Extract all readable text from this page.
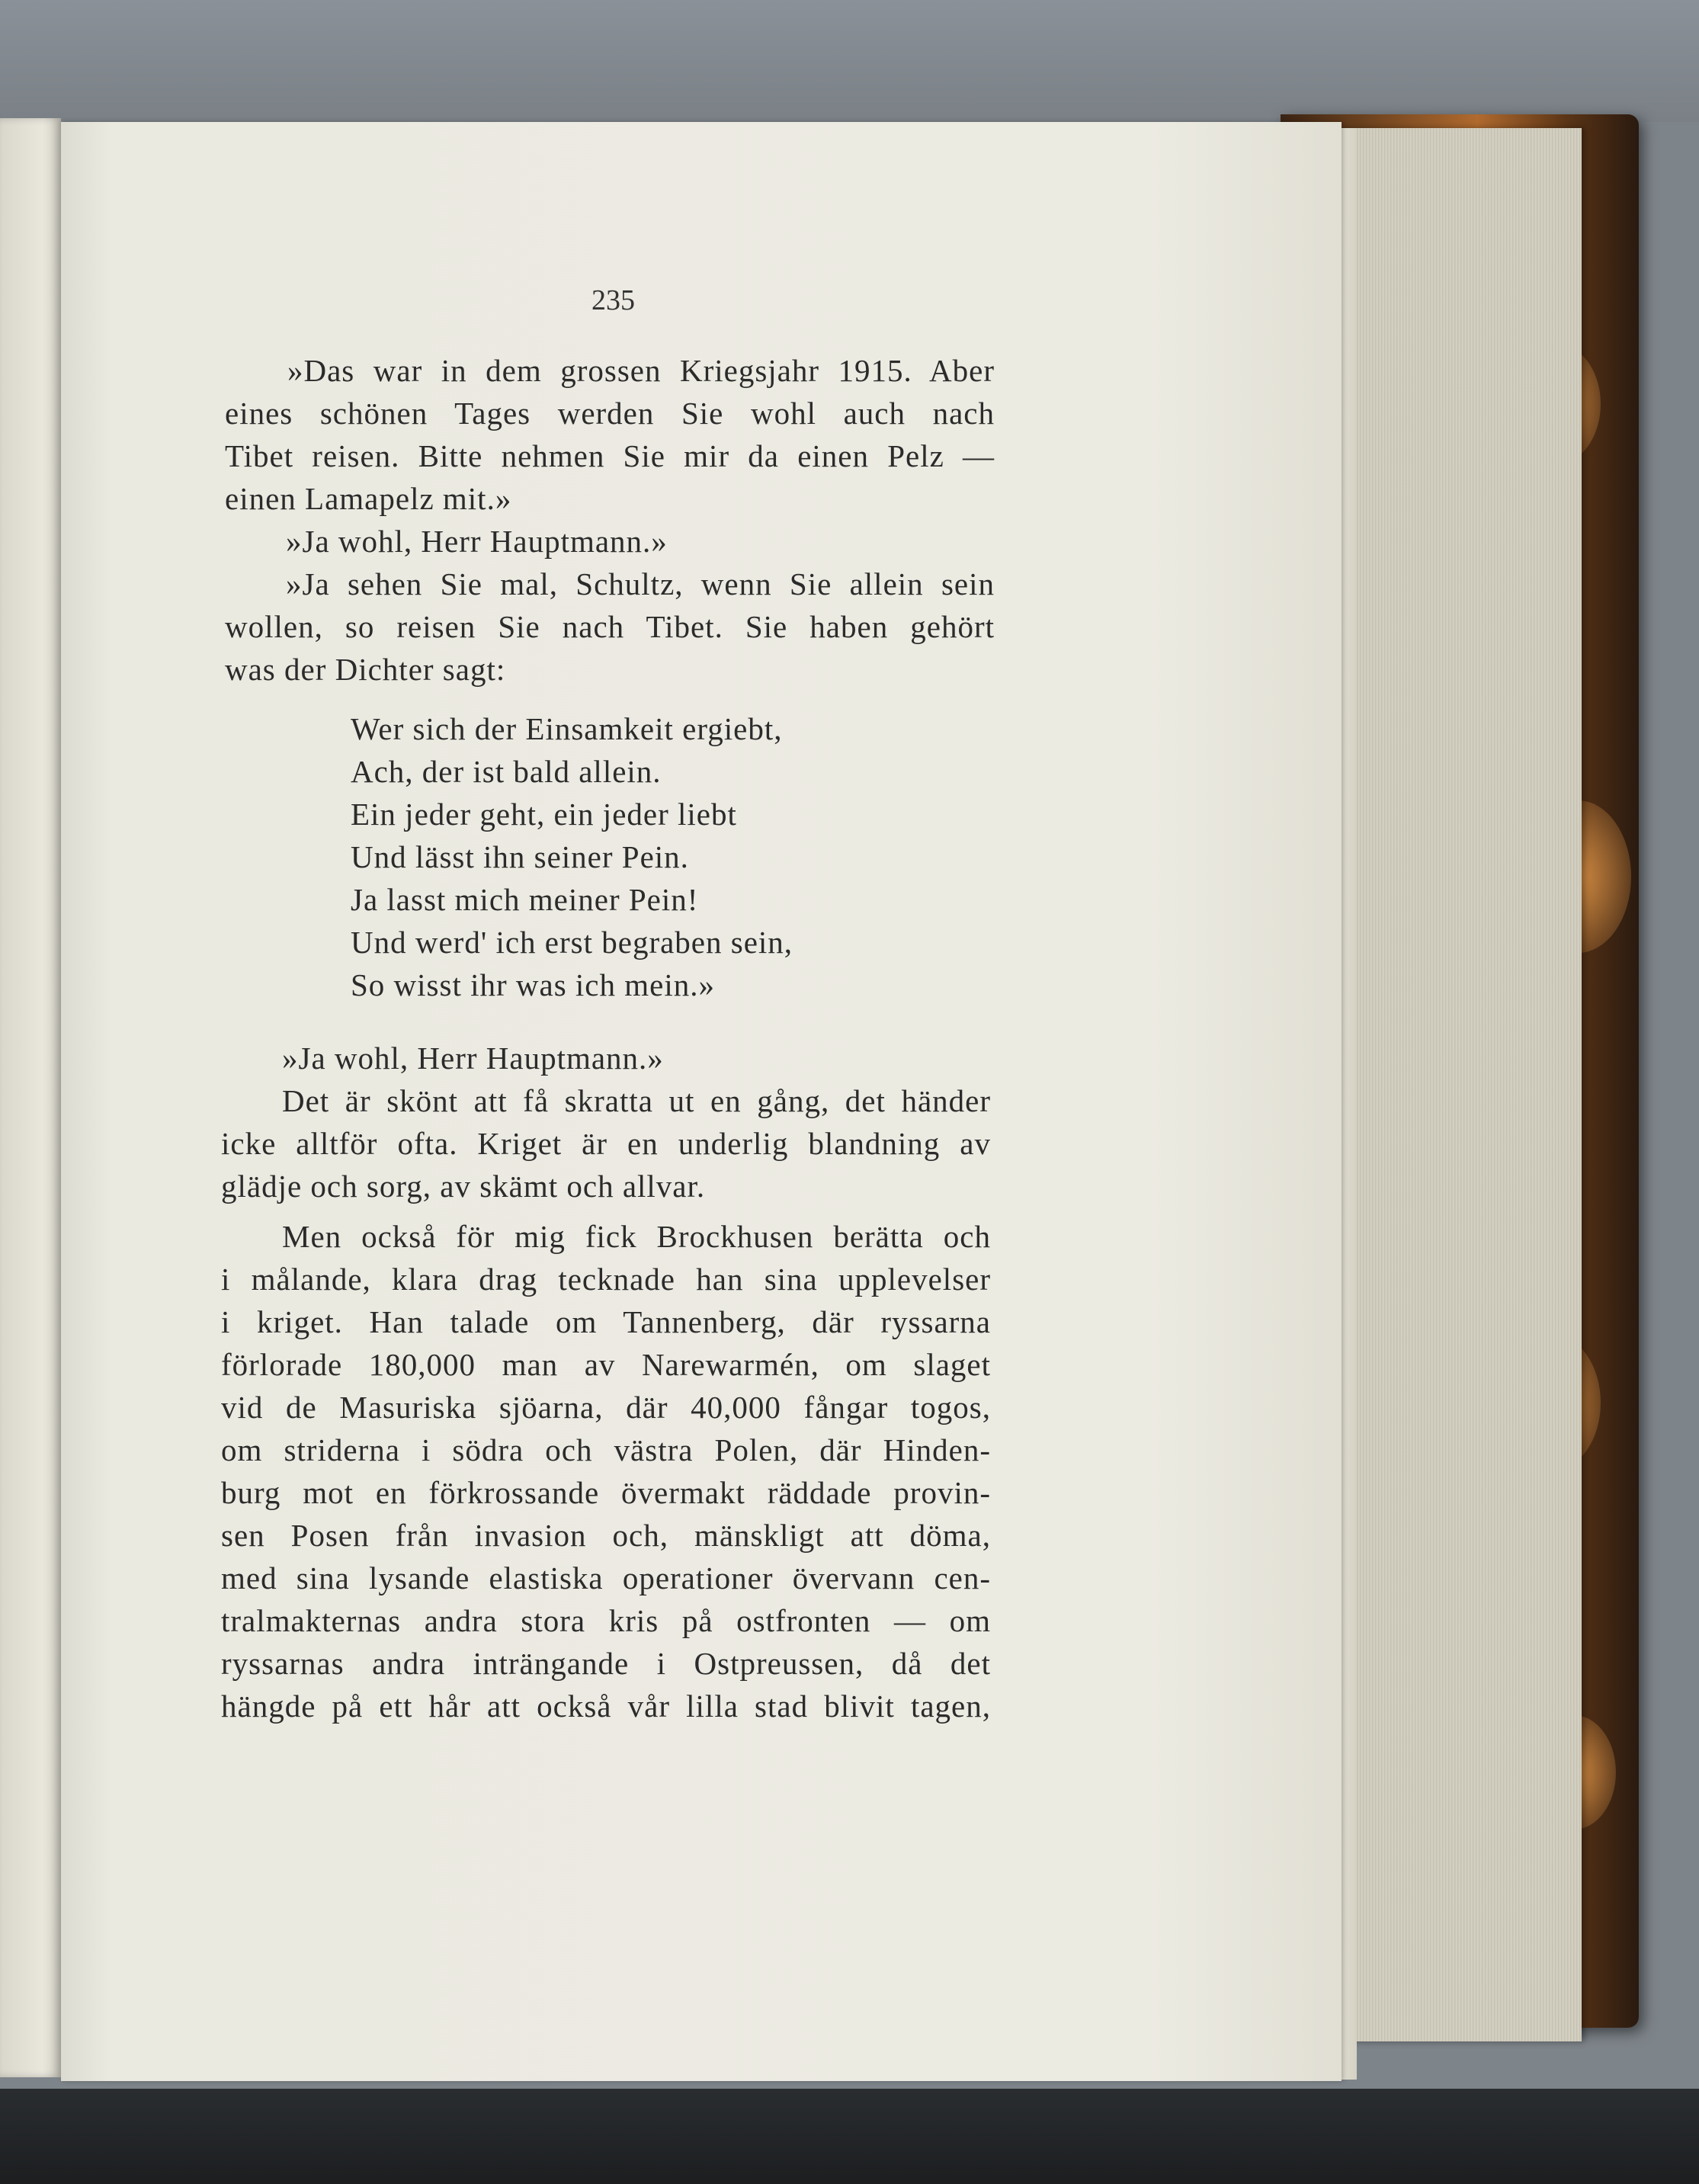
235
»Das war in dem grossen Kriegsjahr 1915. Aber
eines schönen Tages werden Sie wohl auch nach
Tibet reisen. Bitte nehmen Sie mir da einen Pelz —
einen Lamapelz mit.»
»Ja wohl, Herr Hauptmann.»
»Ja sehen Sie mal, Schultz, wenn Sie allein sein
wollen, so reisen Sie nach Tibet. Sie haben gehört
was der Dichter sagt:
Wer sich der Einsamkeit ergiebt,
Ach, der ist bald allein.
Ein jeder geht, ein jeder liebt
Und lässt ihn seiner Pein.
Ja lasst mich meiner Pein!
Und werd' ich erst begraben sein,
So wisst ihr was ich mein.»
»Ja wohl, Herr Hauptmann.»
Det är skönt att få skratta ut en gång, det händer
icke alltför ofta. Kriget är en underlig blandning av
glädje och sorg, av skämt och allvar.
Men också för mig fick Brockhusen berätta och
i målande, klara drag tecknade han sina upplevelser
i kriget. Han talade om Tannenberg, där ryssarna
förlorade 180,000 man av Narewarmén, om slaget
vid de Masuriska sjöarna, där 40,000 fångar togos,
om striderna i södra och västra Polen, där Hinden-
burg mot en förkrossande övermakt räddade provin-
sen Posen från invasion och, mänskligt att döma,
med sina lysande elastiska operationer övervann cen-
tralmakternas andra stora kris på ostfronten — om
ryssarnas andra inträngande i Ostpreussen, då det
hängde på ett hår att också vår lilla stad blivit tagen,
